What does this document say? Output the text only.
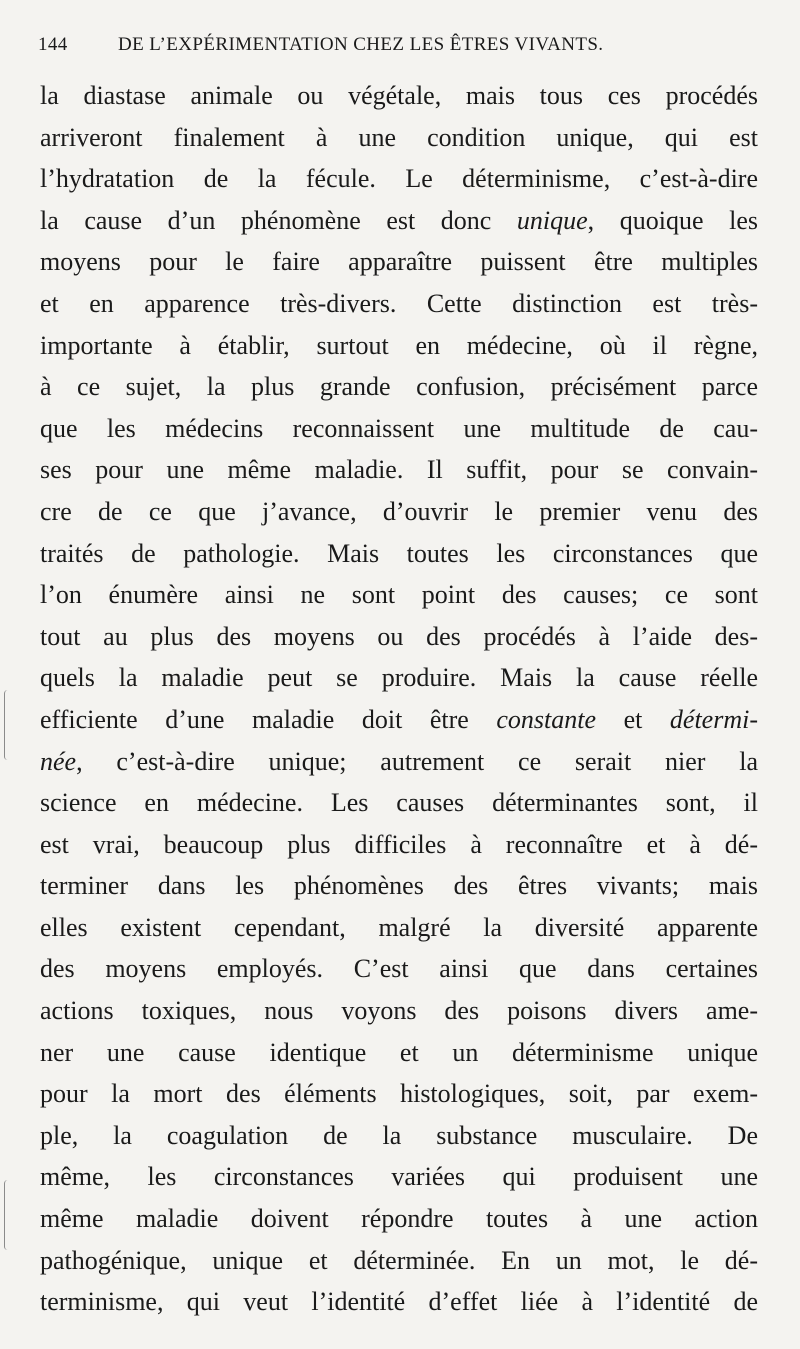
144	DE L’EXPÉRIMENTATION CHEZ LES ÊTRES VIVANTS.
la diastase animale ou végétale, mais tous ces procédés
arriveront finalement à une condition unique, qui est
l’hydratation de la fécule. Le déterminisme, c’est-à-dire
la cause d’un phénomène est donc unique, quoique les
moyens pour le faire apparaître puissent être multiples
et en apparence très-divers. Cette distinction est très-
importante à établir, surtout en médecine, où il règne,
à ce sujet, la plus grande confusion, précisément parce
que les médecins reconnaissent une multitude de cau-
ses pour une même maladie. Il suffit, pour se convain-
cre de ce que j’avance, d’ouvrir le premier venu des
traités de pathologie. Mais toutes les circonstances que
l’on énumère ainsi ne sont point des causes; ce sont
tout au plus des moyens ou des procédés à l’aide des-
quels la maladie peut se produire. Mais la cause réelle
efficiente d’une maladie doit être constante et détermi-
née, c’est-à-dire unique; autrement ce serait nier la
science en médecine. Les causes déterminantes sont, il
est vrai, beaucoup plus difficiles à reconnaître et à dé-
terminer dans les phénomènes des êtres vivants; mais
elles existent cependant, malgré la diversité apparente
des moyens employés. C’est ainsi que dans certaines
actions toxiques, nous voyons des poisons divers ame-
ner une cause identique et un déterminisme unique
pour la mort des éléments histologiques, soit, par exem-
ple, la coagulation de la substance musculaire. De
même, les circonstances variées qui produisent une
même maladie doivent répondre toutes à une action
pathogénique, unique et déterminée. En un mot, le dé-
terminisme, qui veut l’identité d’effet liée à l’identité de
